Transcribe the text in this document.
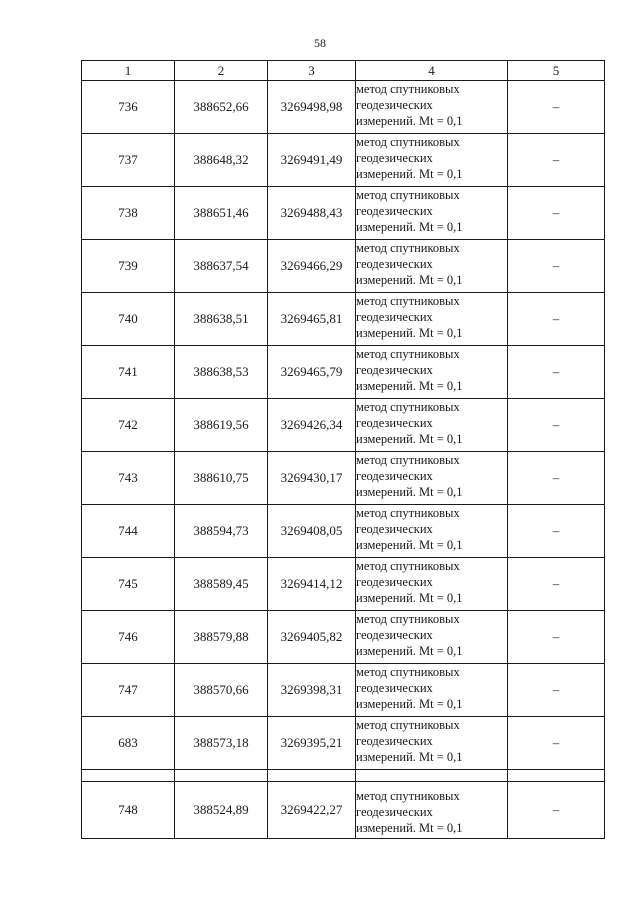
58
1	2	3	4	5
736	388652,66	3269498,98	метод спутниковых
геодезических
измерений. Mt = 0,1	–
737	388648,32	3269491,49	метод спутниковых
геодезических
измерений. Mt = 0,1	–
738	388651,46	3269488,43	метод спутниковых
геодезических
измерений. Mt = 0,1	–
739	388637,54	3269466,29	метод спутниковых
геодезических
измерений. Mt = 0,1	–
740	388638,51	3269465,81	метод спутниковых
геодезических
измерений. Mt = 0,1	–
741	388638,53	3269465,79	метод спутниковых
геодезических
измерений. Mt = 0,1	–
742	388619,56	3269426,34	метод спутниковых
геодезических
измерений. Mt = 0,1	–
743	388610,75	3269430,17	метод спутниковых
геодезических
измерений. Mt = 0,1	–
744	388594,73	3269408,05	метод спутниковых
геодезических
измерений. Mt = 0,1	–
745	388589,45	3269414,12	метод спутниковых
геодезических
измерений. Mt = 0,1	–
746	388579,88	3269405,82	метод спутниковых
геодезических
измерений. Mt = 0,1	–
747	388570,66	3269398,31	метод спутниковых
геодезических
измерений. Mt = 0,1	–
683	388573,18	3269395,21	метод спутниковых
геодезических
измерений. Mt = 0,1	–

748	388524,89	3269422,27	метод спутниковых
геодезических
измерений. Mt = 0,1	–
